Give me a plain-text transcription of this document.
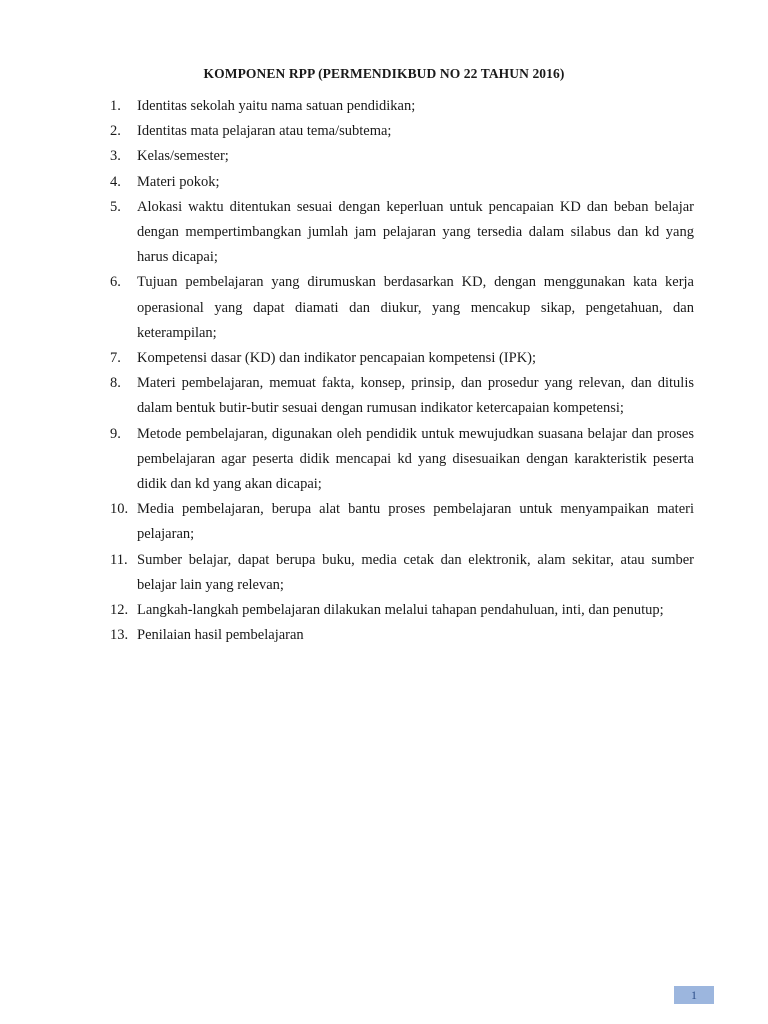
KOMPONEN RPP (PERMENDIKBUD NO 22 TAHUN 2016)
1.	Identitas sekolah yaitu nama satuan pendidikan;
2.	Identitas mata pelajaran atau tema/subtema;
3.	Kelas/semester;
4.	Materi pokok;
5.	Alokasi waktu ditentukan sesuai dengan keperluan untuk pencapaian KD dan beban belajar dengan mempertimbangkan jumlah jam pelajaran yang tersedia dalam silabus dan kd yang harus dicapai;
6.	Tujuan pembelajaran yang dirumuskan berdasarkan KD, dengan menggunakan kata kerja operasional yang dapat diamati dan diukur, yang mencakup sikap, pengetahuan, dan keterampilan;
7.	Kompetensi dasar (KD) dan indikator pencapaian kompetensi (IPK);
8.	Materi pembelajaran, memuat fakta, konsep, prinsip, dan prosedur yang relevan, dan ditulis dalam bentuk butir-butir sesuai dengan rumusan indikator ketercapaian kompetensi;
9.	Metode pembelajaran, digunakan oleh pendidik untuk mewujudkan suasana belajar dan proses pembelajaran agar peserta didik mencapai kd yang disesuaikan dengan karakteristik peserta didik dan kd yang akan dicapai;
10. Media pembelajaran, berupa alat bantu proses pembelajaran untuk menyampaikan materi pelajaran;
11. Sumber belajar, dapat berupa buku, media cetak dan elektronik, alam sekitar, atau sumber belajar lain yang relevan;
12. Langkah-langkah pembelajaran dilakukan melalui tahapan pendahuluan, inti, dan penutup;
13. Penilaian hasil pembelajaran
1
